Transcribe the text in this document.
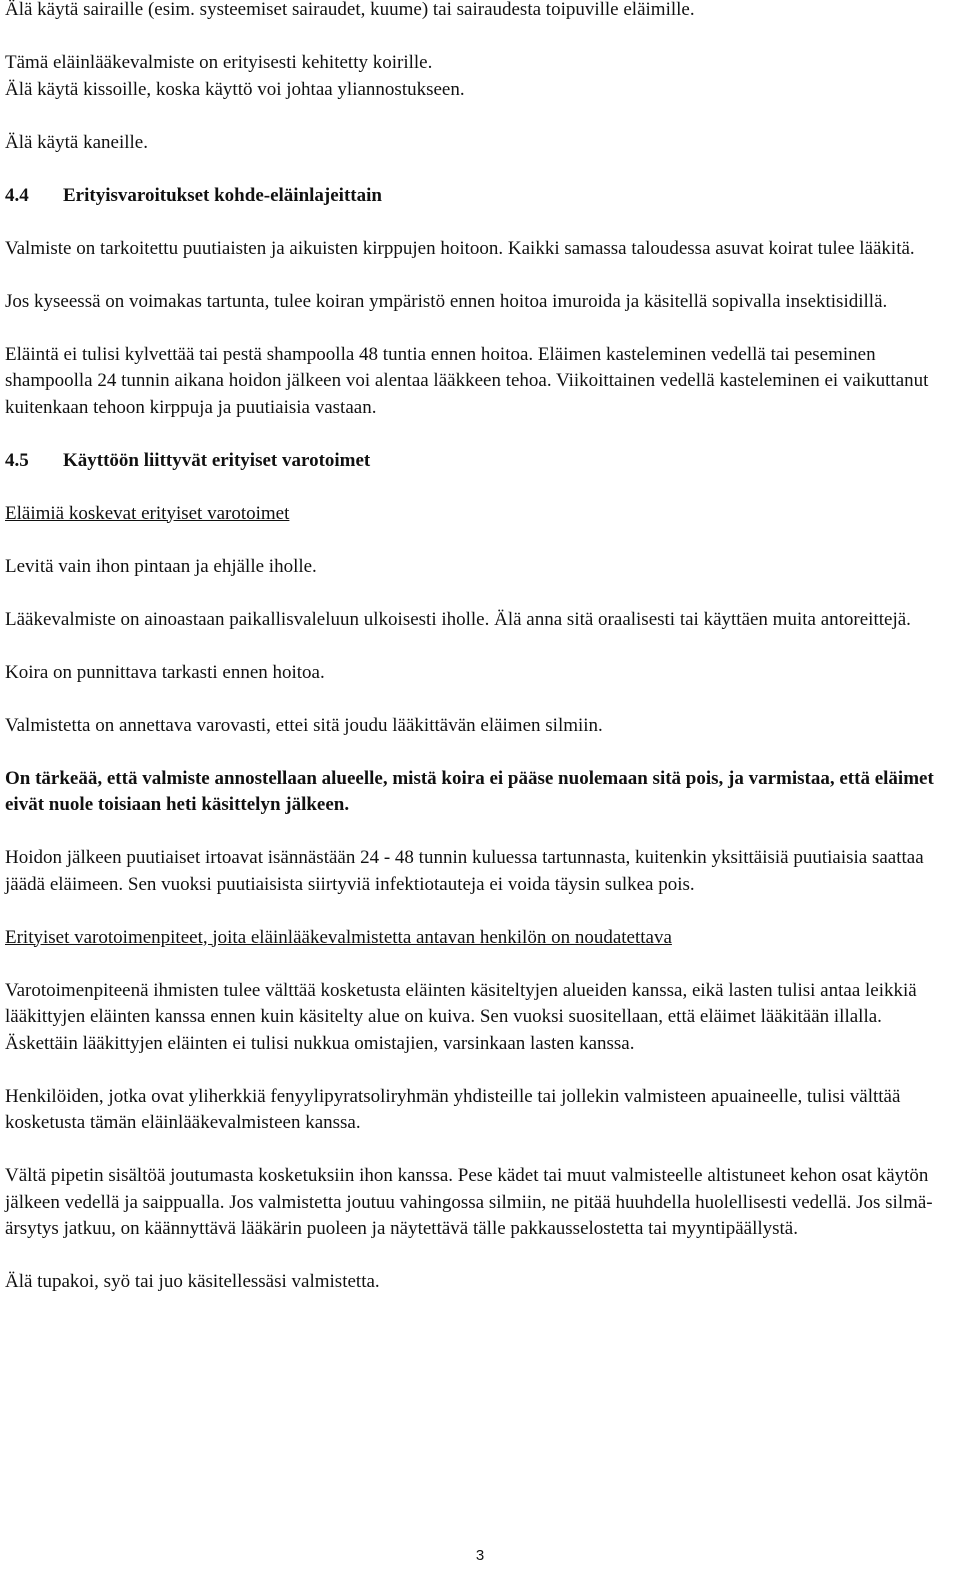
Älä käytä sairaille (esim. systeemiset sairaudet, kuume) tai sairaudesta toipuville eläimille.

Tämä eläinlääkevalmiste on erityisesti kehitetty koirille.

Älä käytä kissoille, koska käyttö voi johtaa yliannostukseen.

Älä käytä kaneille.

4.4	Erityisvaroitukset kohde-eläinlajeittain

Valmiste on tarkoitettu puutiaisten ja aikuisten kirppujen hoitoon. Kaikki samassa taloudessa asuvat koirat tulee lääkitä.

Jos kyseessä on voimakas tartunta, tulee koiran ympäristö ennen hoitoa imuroida ja käsitellä sopivalla insektisidillä.

Eläintä ei tulisi kylvettää tai pestä shampoolla 48 tuntia ennen hoitoa. Eläimen kasteleminen vedellä tai peseminen shampoolla 24 tunnin aikana hoidon jälkeen voi alentaa lääkkeen tehoa. Viikoittainen vedellä kasteleminen ei vaikuttanut kuitenkaan tehoon kirppuja ja puutiaisia vastaan.

4.5	Käyttöön liittyvät erityiset varotoimet

Eläimiä koskevat erityiset varotoimet

Levitä vain ihon pintaan ja ehjälle iholle.

Lääkevalmiste on ainoastaan paikallisvaleluun ulkoisesti iholle. Älä anna sitä oraalisesti tai käyttäen muita antoreittejä.

Koira on punnittava tarkasti ennen hoitoa.

Valmistetta on annettava varovasti, ettei sitä joudu lääkittävän eläimen silmiin.

On tärkeää, että valmiste annostellaan alueelle, mistä koira ei pääse nuolemaan sitä pois, ja varmistaa, että eläimet eivät nuole toisiaan heti käsittelyn jälkeen.

Hoidon jälkeen puutiaiset irtoavat isännästään 24 - 48 tunnin kuluessa tartunnasta, kuitenkin yksittäisiä puutiaisia saattaa jäädä eläimeen. Sen vuoksi puutiaisista siirtyviä infektiotauteja ei voida täysin sulkea pois.

Erityiset varotoimenpiteet, joita eläinlääkevalmistetta antavan henkilön on noudatettava

Varotoimenpiteenä ihmisten tulee välttää kosketusta eläinten käsiteltyjen alueiden kanssa, eikä lasten tulisi antaa leikkiä lääkittyjen eläinten kanssa ennen kuin käsitelty alue on kuiva. Sen vuoksi suositellaan, että eläimet lääkitään illalla. Äskettäin lääkittyjen eläinten ei tulisi nukkua omistajien, varsinkaan lasten kanssa.

Henkilöiden, jotka ovat yliherkkiä fenyylipyratsoliryhmän yhdisteille tai jollekin valmisteen apuaineelle, tulisi välttää kosketusta tämän eläinlääkevalmisteen kanssa.

Vältä pipetin sisältöä joutumasta kosketuksiin ihon kanssa. Pese kädet tai muut valmisteelle altistuneet kehon osat käytön jälkeen vedellä ja saippualla. Jos valmistetta joutuu vahingossa silmiin, ne pitää huuhdella huolellisesti vedellä. Jos silmä-ärsytys jatkuu, on käännyttävä lääkärin puoleen ja näytettävä tälle pakkausselostetta tai myyntipäällystä.

Älä tupakoi, syö tai juo käsitellessäsi valmistetta.

3
